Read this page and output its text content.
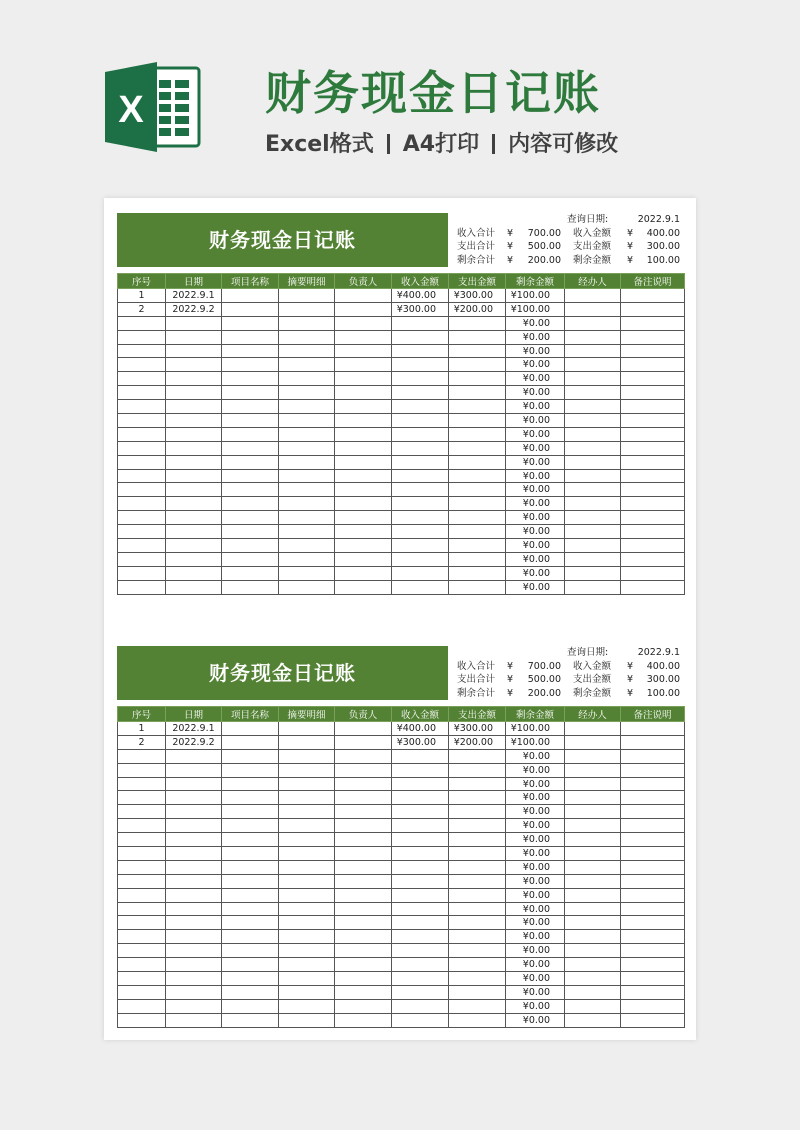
X	财务现金日记账
Excel格式 A4打印 内容可修改
财务现金日记账
查询日期:	2022.9.1
收入合计 ¥	700.00 收入金额 ¥	400.00
支出合计 ¥	500.00 支出金额 ¥	300.00
剩余合计 ¥	200.00 剩余金额 ¥	100.00
序号	日期	项目名称	摘要明细	负责人	收入金额	支出金额	剩余金额	经办人	备注说明
1	2022.9.1				¥400.00	¥300.00	¥100.00		
2	2022.9.2				¥300.00	¥200.00	¥100.00		
							¥0.00		
							¥0.00		
							¥0.00		
							¥0.00		
							¥0.00		
							¥0.00		
							¥0.00		
							¥0.00		
							¥0.00		
							¥0.00		
							¥0.00		
							¥0.00		
							¥0.00		
							¥0.00		
							¥0.00		
							¥0.00		
							¥0.00		
							¥0.00		
							¥0.00		
							¥0.00		
财务现金日记账
查询日期:	2022.9.1
收入合计 ¥	700.00 收入金额 ¥	400.00
支出合计 ¥	500.00 支出金额 ¥	300.00
剩余合计 ¥	200.00 剩余金额 ¥	100.00
序号	日期	项目名称	摘要明细	负责人	收入金额	支出金额	剩余金额	经办人	备注说明
1	2022.9.1				¥400.00	¥300.00	¥100.00		
2	2022.9.2				¥300.00	¥200.00	¥100.00		
							¥0.00		
							¥0.00		
							¥0.00		
							¥0.00		
							¥0.00		
							¥0.00		
							¥0.00		
							¥0.00		
							¥0.00		
							¥0.00		
							¥0.00		
							¥0.00		
							¥0.00		
							¥0.00		
							¥0.00		
							¥0.00		
							¥0.00		
							¥0.00		
							¥0.00		
							¥0.00		
